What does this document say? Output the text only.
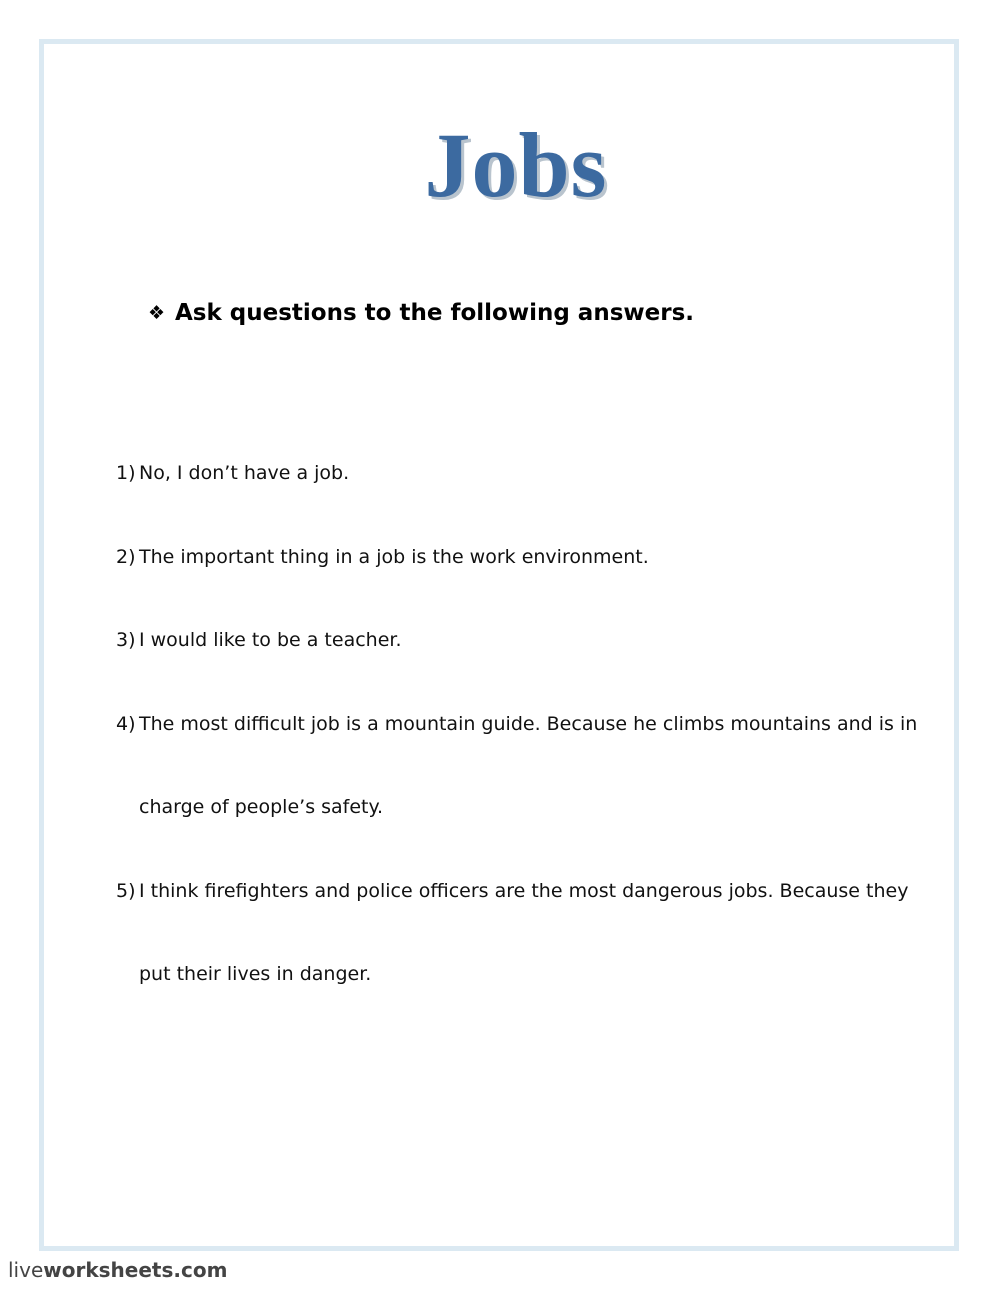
Jobs
❖ Ask questions to the following answers.
1) No, I don’t have a job.
2) The important thing in a job is the work environment.
3) I would like to be a teacher.
4) The most difficult job is a mountain guide. Because he climbs mountains and is in charge of people’s safety.
5) I think firefighters and police officers are the most dangerous jobs. Because they put their lives in danger.
liveworksheets.com
